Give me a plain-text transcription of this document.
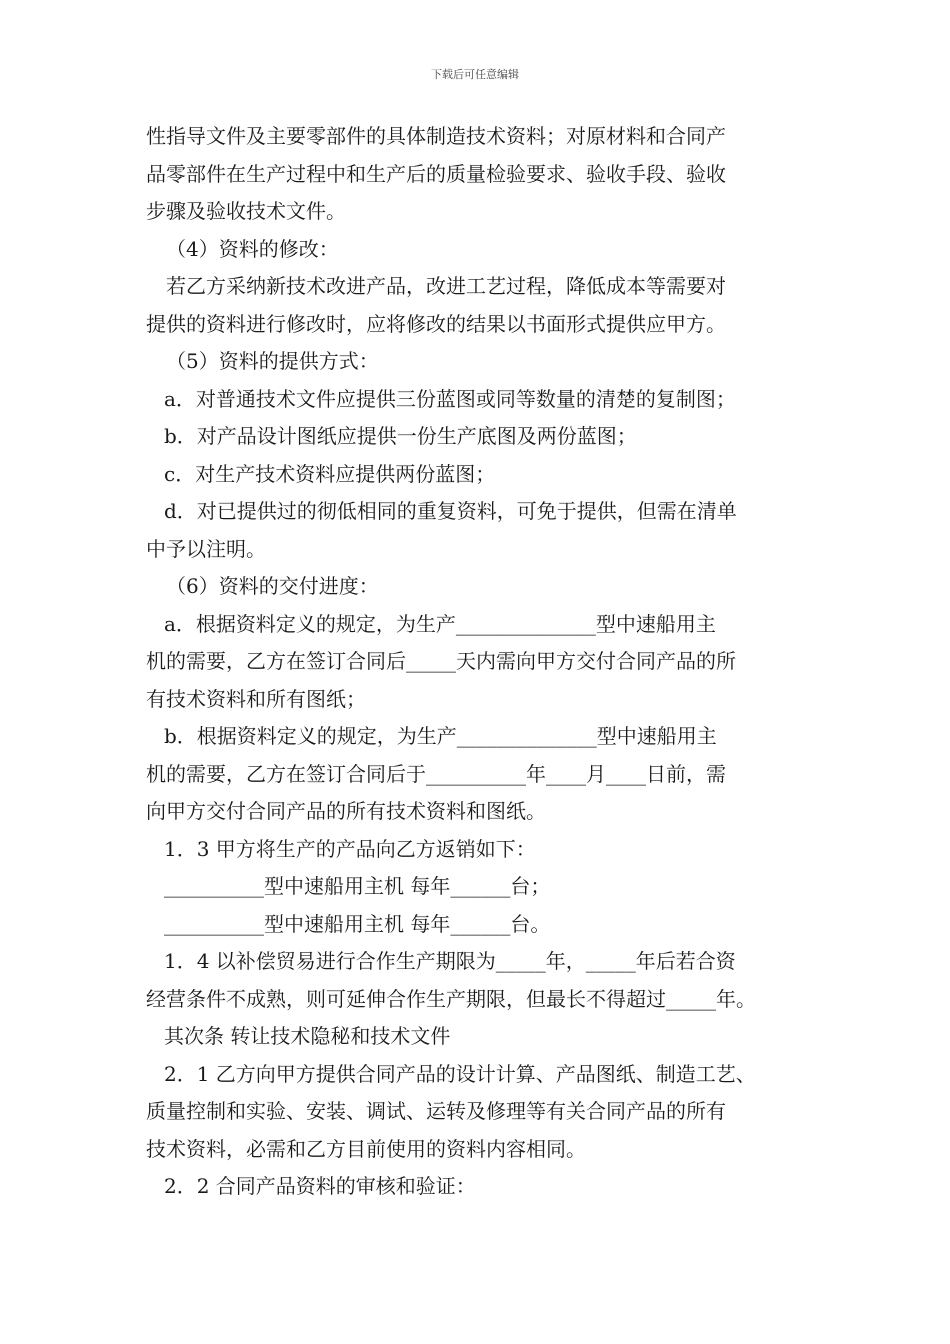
下载后可任意编辑
性指导文件及主要零部件的具体制造技术资料；对原材料和合同产
品零部件在生产过程中和生产后的质量检验要求、验收手段、验收
步骤及验收技术文件。
（4）资料的修改：
若乙方采纳新技术改进产品，改进工艺过程，降低成本等需要对
提供的资料进行修改时，应将修改的结果以书面形式提供应甲方。
（5）资料的提供方式：
a．对普通技术文件应提供三份蓝图或同等数量的清楚的复制图；
b．对产品设计图纸应提供一份生产底图及两份蓝图；
c．对生产技术资料应提供两份蓝图；
d．对已提供过的彻低相同的重复资料，可免于提供，但需在清单
中予以注明。
（6）资料的交付进度：
a．根据资料定义的规定，为生产______________型中速船用主
机的需要，乙方在签订合同后_____天内需向甲方交付合同产品的所
有技术资料和所有图纸；
b．根据资料定义的规定，为生产______________型中速船用主
机的需要，乙方在签订合同后于__________年____月____日前，需
向甲方交付合同产品的所有技术资料和图纸。
1．3 甲方将生产的产品向乙方返销如下：
__________型中速船用主机 每年______台；
__________型中速船用主机 每年______台。
1．4 以补偿贸易进行合作生产期限为_____年，_____年后若合资
经营条件不成熟，则可延伸合作生产期限，但最长不得超过_____年。
其次条 转让技术隐秘和技术文件
2．1 乙方向甲方提供合同产品的设计计算、产品图纸、制造工艺、
质量控制和实验、安装、调试、运转及修理等有关合同产品的所有
技术资料，必需和乙方目前使用的资料内容相同。
2．2 合同产品资料的审核和验证：
